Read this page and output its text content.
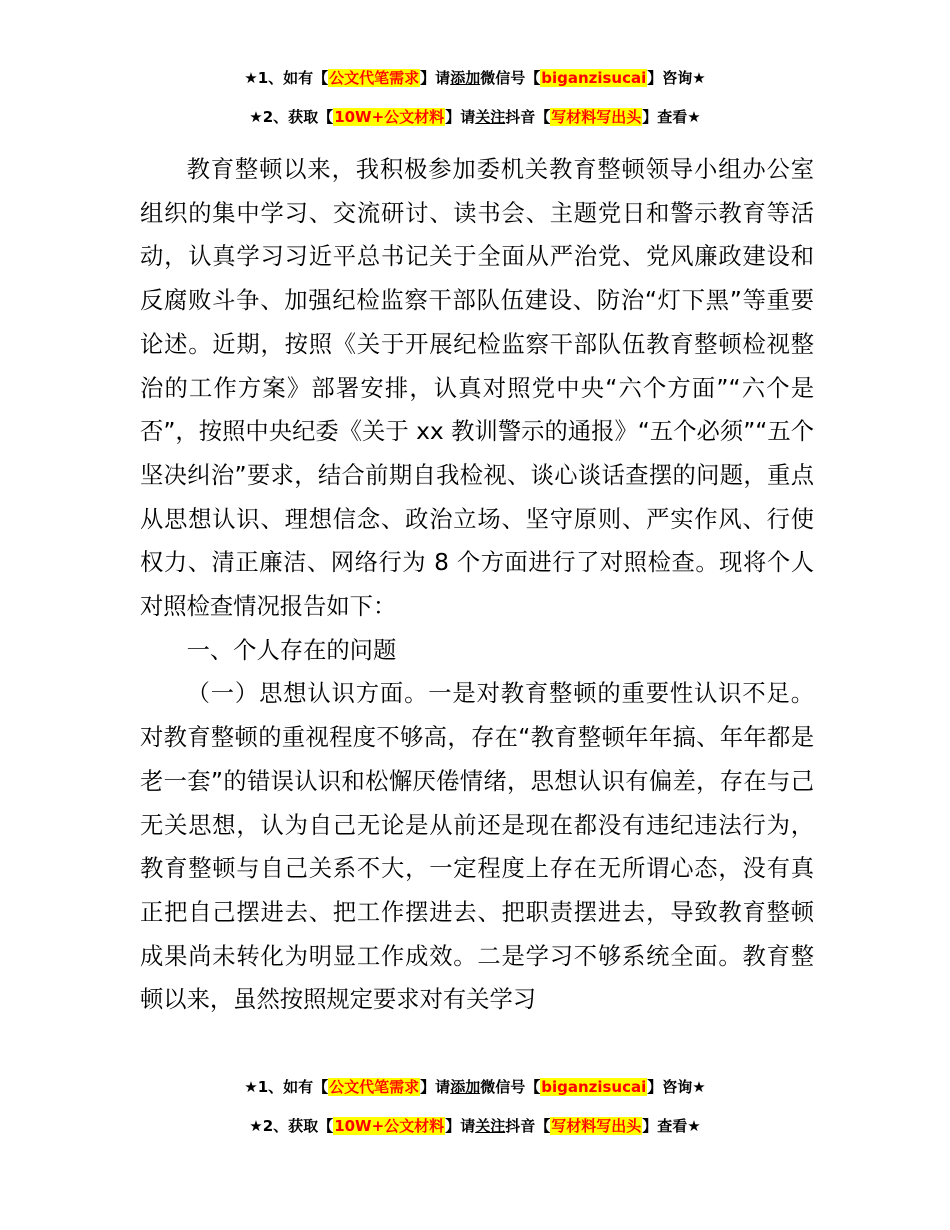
★1、如有【公文代笔需求】请添加微信号【biganzisucai】咨询★
★2、获取【10W+公文材料】请关注抖音【写材料写出头】查看★

教育整顿以来，我积极参加委机关教育整顿领导小组办公室组织的集中学习、交流研讨、读书会、主题党日和警示教育等活动，认真学习习近平总书记关于全面从严治党、党风廉政建设和反腐败斗争、加强纪检监察干部队伍建设、防治“灯下黑”等重要论述。近期，按照《关于开展纪检监察干部队伍教育整顿检视整治的工作方案》部署安排，认真对照党中央“六个方面”“六个是否”，按照中央纪委《关于 xx 教训警示的通报》“五个必须”“五个坚决纠治”要求，结合前期自我检视、谈心谈话查摆的问题，重点从思想认识、理想信念、政治立场、坚守原则、严实作风、行使权力、清正廉洁、网络行为 8 个方面进行了对照检查。现将个人对照检查情况报告如下：

一、个人存在的问题

（一）思想认识方面。一是对教育整顿的重要性认识不足。对教育整顿的重视程度不够高，存在“教育整顿年年搞、年年都是老一套”的错误认识和松懈厌倦情绪，思想认识有偏差，存在与己无关思想，认为自己无论是从前还是现在都没有违纪违法行为，教育整顿与自己关系不大，一定程度上存在无所谓心态，没有真正把自己摆进去、把工作摆进去、把职责摆进去，导致教育整顿成果尚未转化为明显工作成效。二是学习不够系统全面。教育整顿以来，虽然按照规定要求对有关学习

★1、如有【公文代笔需求】请添加微信号【biganzisucai】咨询★
★2、获取【10W+公文材料】请关注抖音【写材料写出头】查看★
